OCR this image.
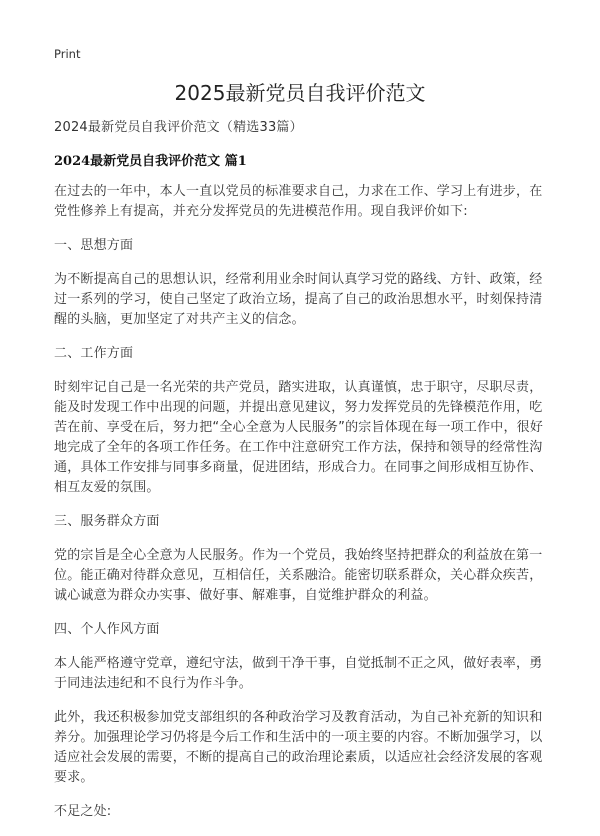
Print
2025最新党员自我评价范文

2024最新党员自我评价范文（精选33篇）

2024最新党员自我评价范文 篇1

在过去的一年中，本人一直以党员的标准要求自己，力求在工作、学习上有进步，在党性修养上有提高，并充分发挥党员的先进模范作用。现自我评价如下:

一、思想方面

为不断提高自己的思想认识，经常利用业余时间认真学习党的路线、方针、政策，经过一系列的学习，使自己坚定了政治立场，提高了自己的政治思想水平，时刻保持清醒的头脑，更加坚定了对共产主义的信念。

二、工作方面

时刻牢记自己是一名光荣的共产党员，踏实进取，认真谨慎，忠于职守，尽职尽责，能及时发现工作中出现的问题，并提出意见建议，努力发挥党员的先锋模范作用，吃苦在前、享受在后，努力把“全心全意为人民服务”的宗旨体现在每一项工作中，很好地完成了全年的各项工作任务。在工作中注意研究工作方法，保持和领导的经常性沟通，具体工作安排与同事多商量，促进团结，形成合力。在同事之间形成相互协作、相互友爱的氛围。

三、服务群众方面

党的宗旨是全心全意为人民服务。作为一个党员，我始终坚持把群众的利益放在第一位。能正确对待群众意见，互相信任，关系融洽。能密切联系群众，关心群众疾苦，诚心诚意为群众办实事、做好事、解难事，自觉维护群众的利益。

四、个人作风方面

本人能严格遵守党章，遵纪守法，做到干净干事，自觉抵制不正之风，做好表率，勇于同违法违纪和不良行为作斗争。

此外，我还积极参加党支部组织的各种政治学习及教育活动，为自己补充新的知识和养分。加强理论学习仍将是今后工作和生活中的一项主要的内容。不断加强学习，以适应社会发展的需要，不断的提高自己的政治理论素质，以适应社会经济发展的客观要求。

不足之处:
